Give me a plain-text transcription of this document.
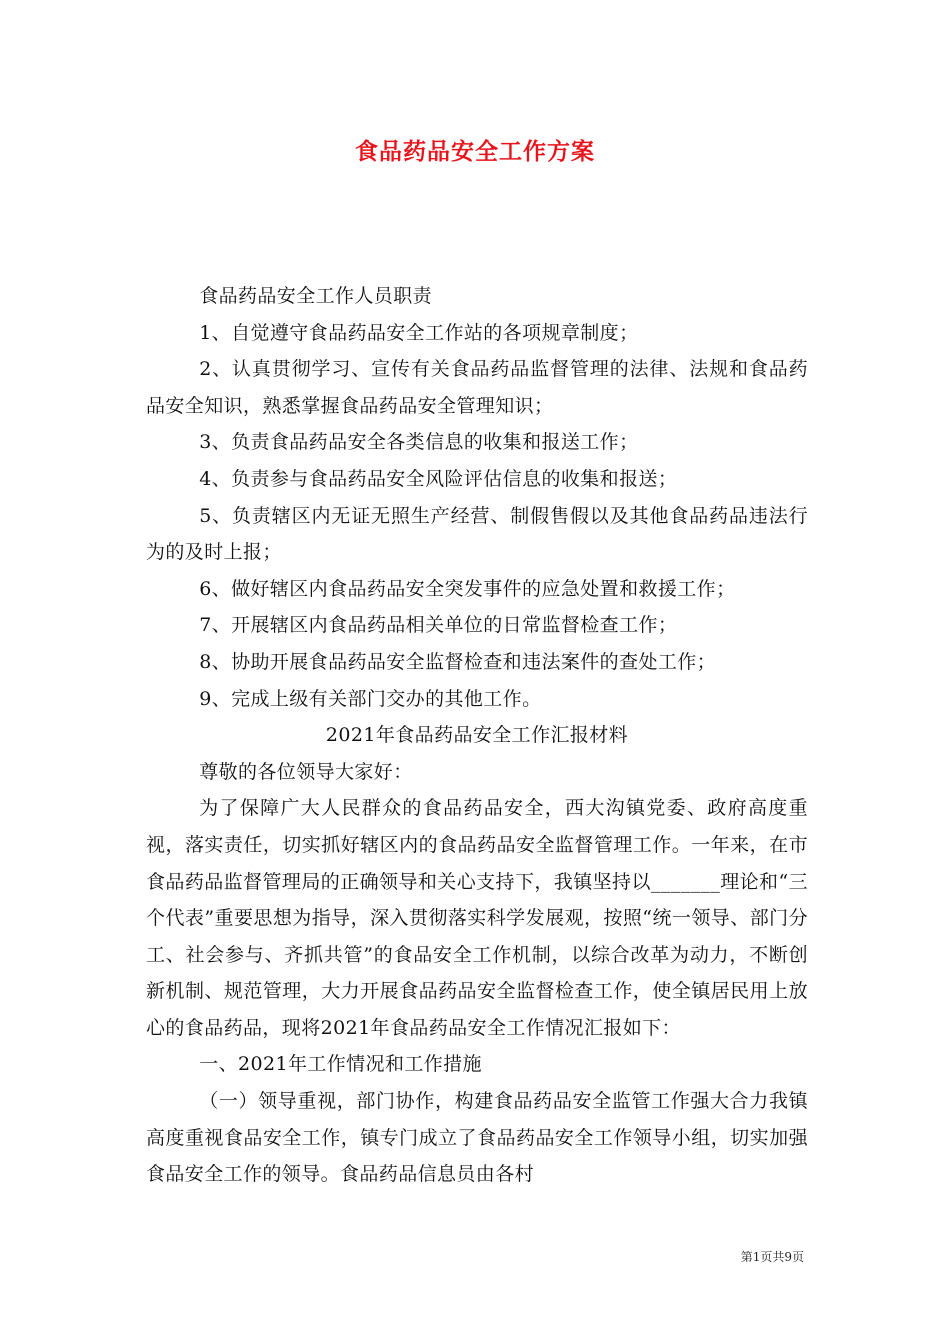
食品药品安全工作方案

食品药品安全工作人员职责

1、自觉遵守食品药品安全工作站的各项规章制度；

2、认真贯彻学习、宣传有关食品药品监督管理的法律、法规和食品药品安全知识，熟悉掌握食品药品安全管理知识；

3、负责食品药品安全各类信息的收集和报送工作；

4、负责参与食品药品安全风险评估信息的收集和报送；

5、负责辖区内无证无照生产经营、制假售假以及其他食品药品违法行为的及时上报；

6、做好辖区内食品药品安全突发事件的应急处置和救援工作；

7、开展辖区内食品药品相关单位的日常监督检查工作；

8、协助开展食品药品安全监督检查和违法案件的查处工作；

9、完成上级有关部门交办的其他工作。

2021年食品药品安全工作汇报材料

尊敬的各位领导大家好：

为了保障广大人民群众的食品药品安全，西大沟镇党委、政府高度重视，落实责任，切实抓好辖区内的食品药品安全监督管理工作。一年来，在市食品药品监督管理局的正确领导和关心支持下，我镇坚持以_______理论和“三个代表”重要思想为指导，深入贯彻落实科学发展观，按照“统一领导、部门分工、社会参与、齐抓共管”的食品安全工作机制，以综合改革为动力，不断创新机制、规范管理，大力开展食品药品安全监督检查工作，使全镇居民用上放心的食品药品，现将2021年食品药品安全工作情况汇报如下：

一、2021年工作情况和工作措施

（一）领导重视，部门协作，构建食品药品安全监管工作强大合力我镇高度重视食品安全工作，镇专门成立了食品药品安全工作领导小组，切实加强食品安全工作的领导。食品药品信息员由各村

第1页共9页
